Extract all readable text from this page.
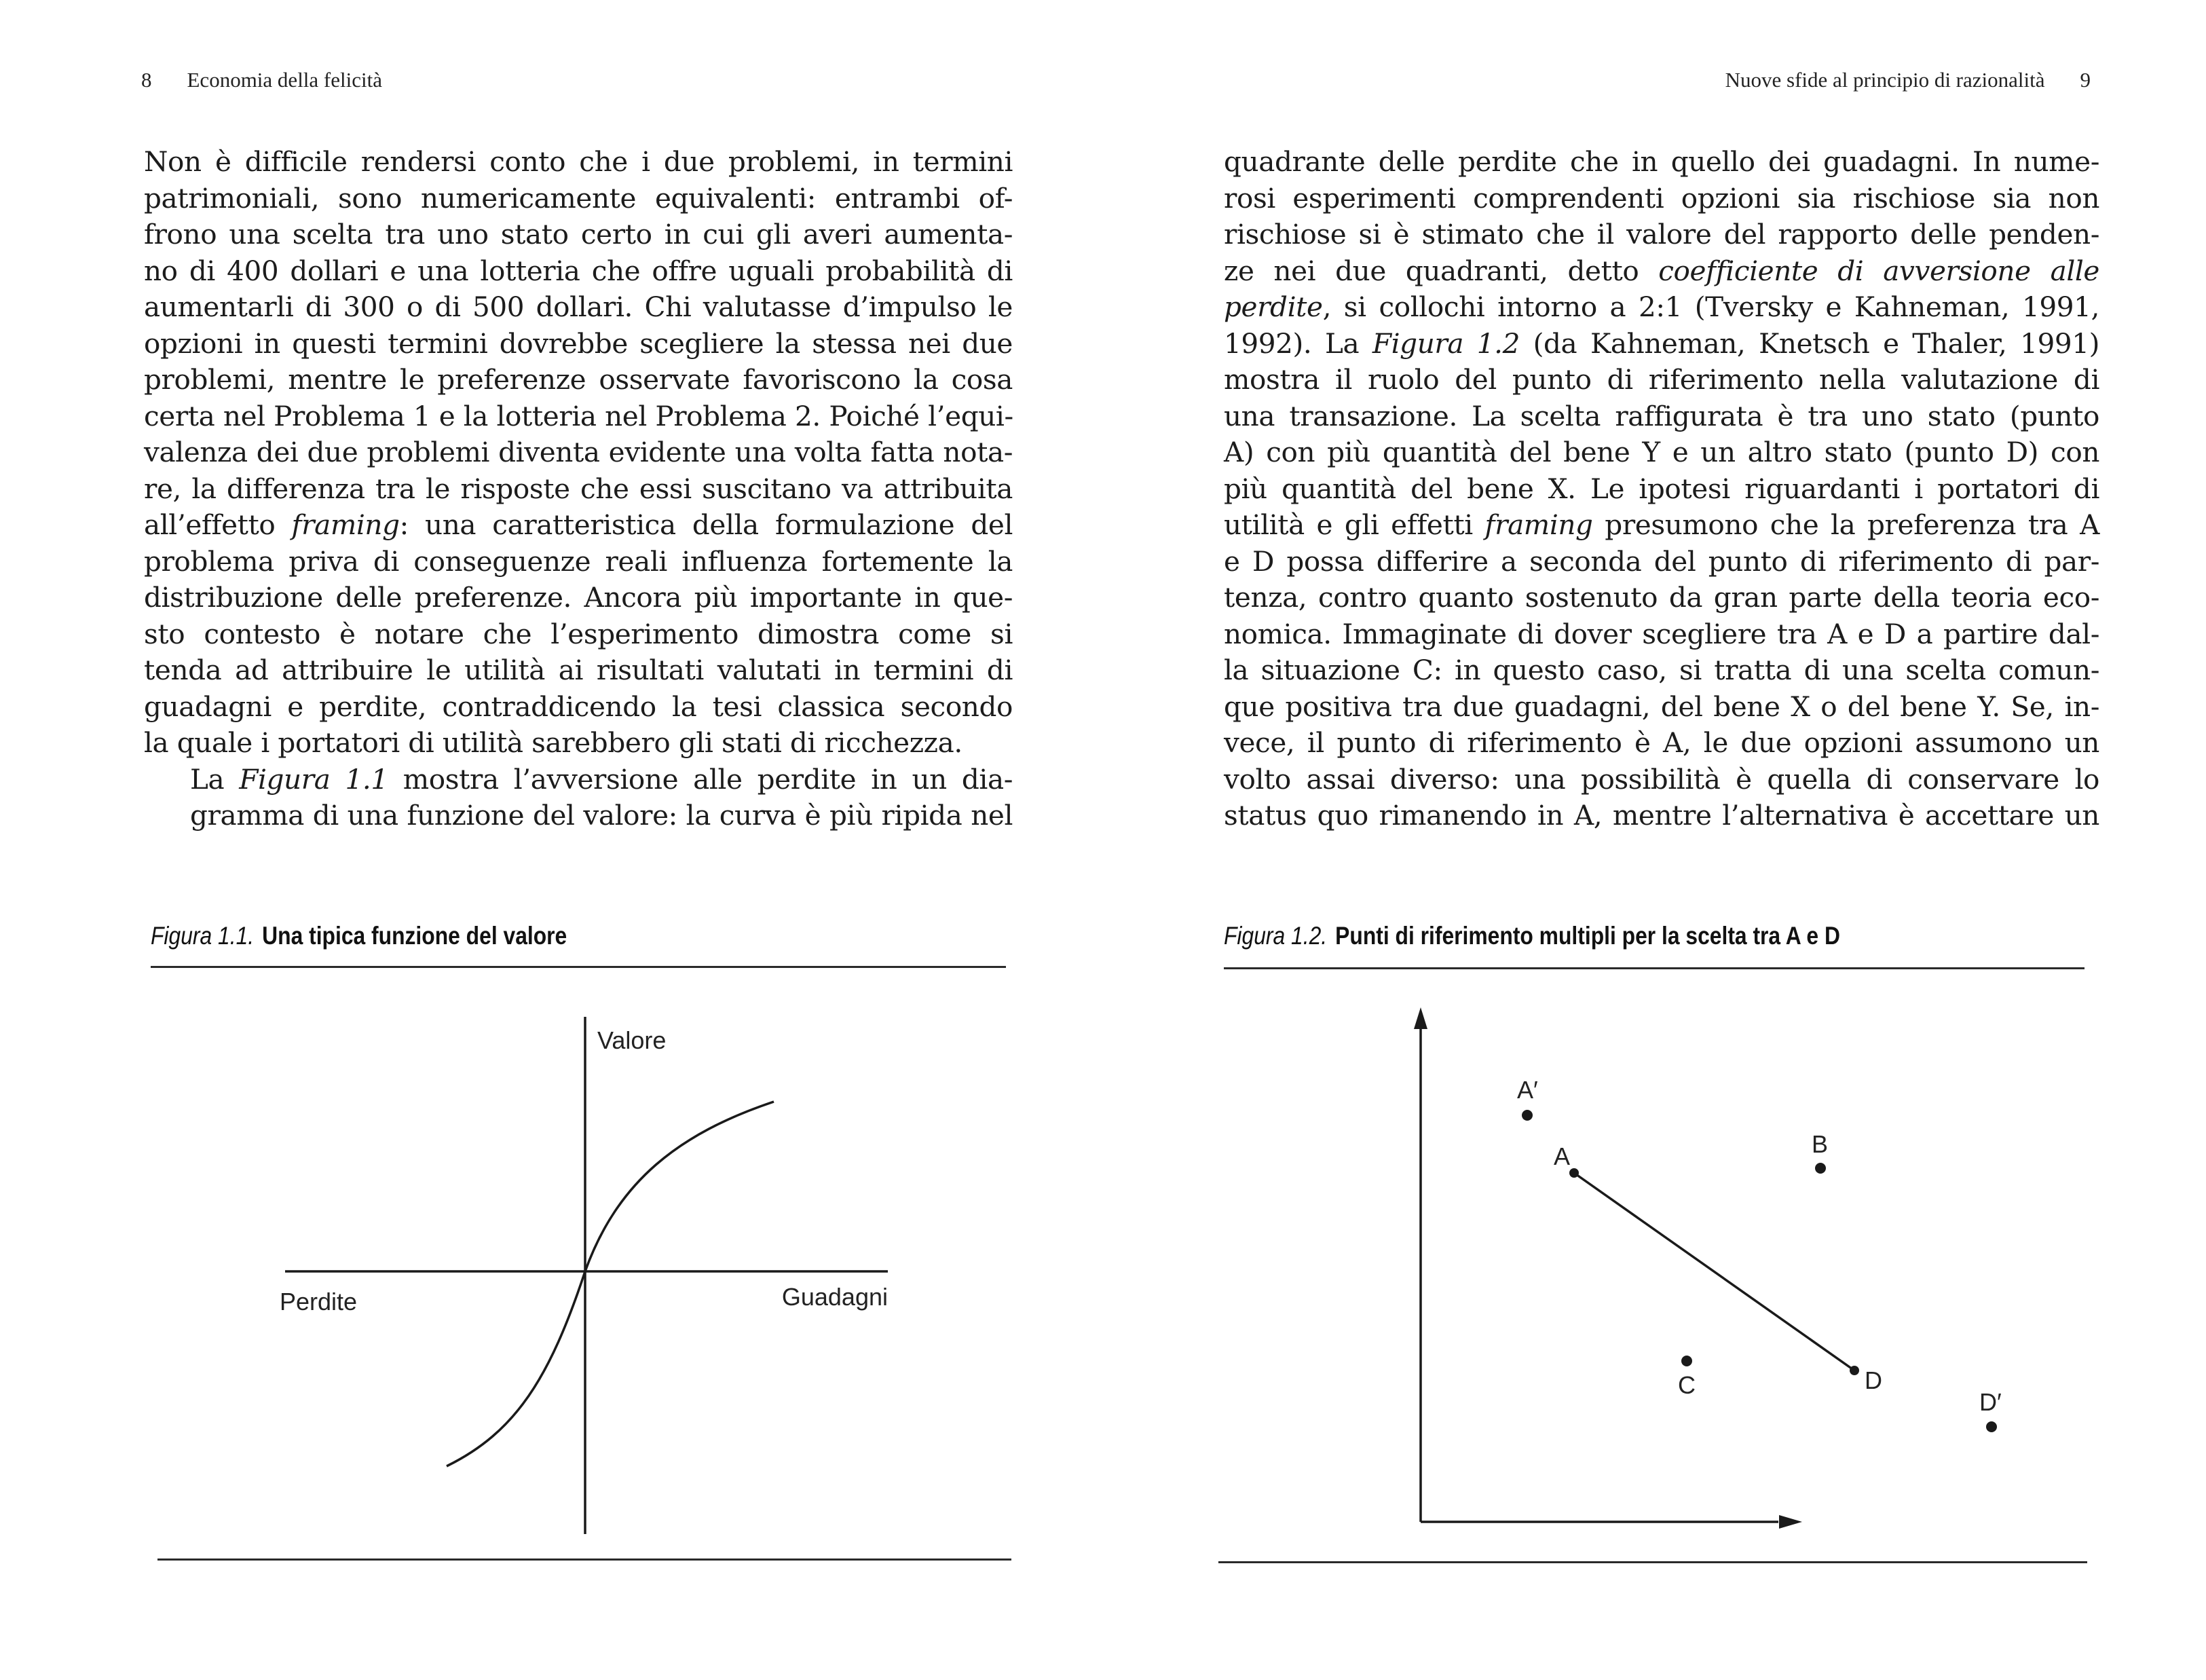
8 Economia della felicità

Non è difficile rendersi conto che i due problemi, in termini
patrimoniali, sono numericamente equivalenti: entrambi of-
frono una scelta tra uno stato certo in cui gli averi aumenta-
no di 400 dollari e una lotteria che offre uguali probabilità di
aumentarli di 300 o di 500 dollari. Chi valutasse d’impulso le
opzioni in questi termini dovrebbe scegliere la stessa nei due
problemi, mentre le preferenze osservate favoriscono la cosa
certa nel Problema 1 e la lotteria nel Problema 2. Poiché l’equi-
valenza dei due problemi diventa evidente una volta fatta nota-
re, la differenza tra le risposte che essi suscitano va attribuita
all’effetto framing: una caratteristica della formulazione del
problema priva di conseguenze reali influenza fortemente la
distribuzione delle preferenze. Ancora più importante in que-
sto contesto è notare che l’esperimento dimostra come si
tenda ad attribuire le utilità ai risultati valutati in termini di
guadagni e perdite, contraddicendo la tesi classica secondo
la quale i portatori di utilità sarebbero gli stati di ricchezza.

La Figura 1.1 mostra l’avversione alle perdite in un dia-
gramma di una funzione del valore: la curva è più ripida nel

Figura 1.1. Una tipica funzione del valore
Valore
Perdite	Guadagni
Nuove sfide al principio di razionalità 9

quadrante delle perdite che in quello dei guadagni. In nume-
rosi esperimenti comprendenti opzioni sia rischiose sia non
rischiose si è stimato che il valore del rapporto delle penden-
ze nei due quadranti, detto coefficiente di avversione alle
perdite, si collochi intorno a 2:1 (Tversky e Kahneman, 1991,
1992). La Figura 1.2 (da Kahneman, Knetsch e Thaler, 1991)
mostra il ruolo del punto di riferimento nella valutazione di
una transazione. La scelta raffigurata è tra uno stato (punto
A) con più quantità del bene Y e un altro stato (punto D) con
più quantità del bene X. Le ipotesi riguardanti i portatori di
utilità e gli effetti framing presumono che la preferenza tra A
e D possa differire a seconda del punto di riferimento di par-
tenza, contro quanto sostenuto da gran parte della teoria eco-
nomica. Immaginate di dover scegliere tra A e D a partire dal-
la situazione C: in questo caso, si tratta di una scelta comun-
que positiva tra due guadagni, del bene X o del bene Y. Se, in-
vece, il punto di riferimento è A, le due opzioni assumono un
volto assai diverso: una possibilità è quella di conservare lo
status quo rimanendo in A, mentre l’alternativa è accettare un

Figura 1.2. Punti di riferimento multipli per la scelta tra A e D
A′
A	B
C	D
D′
